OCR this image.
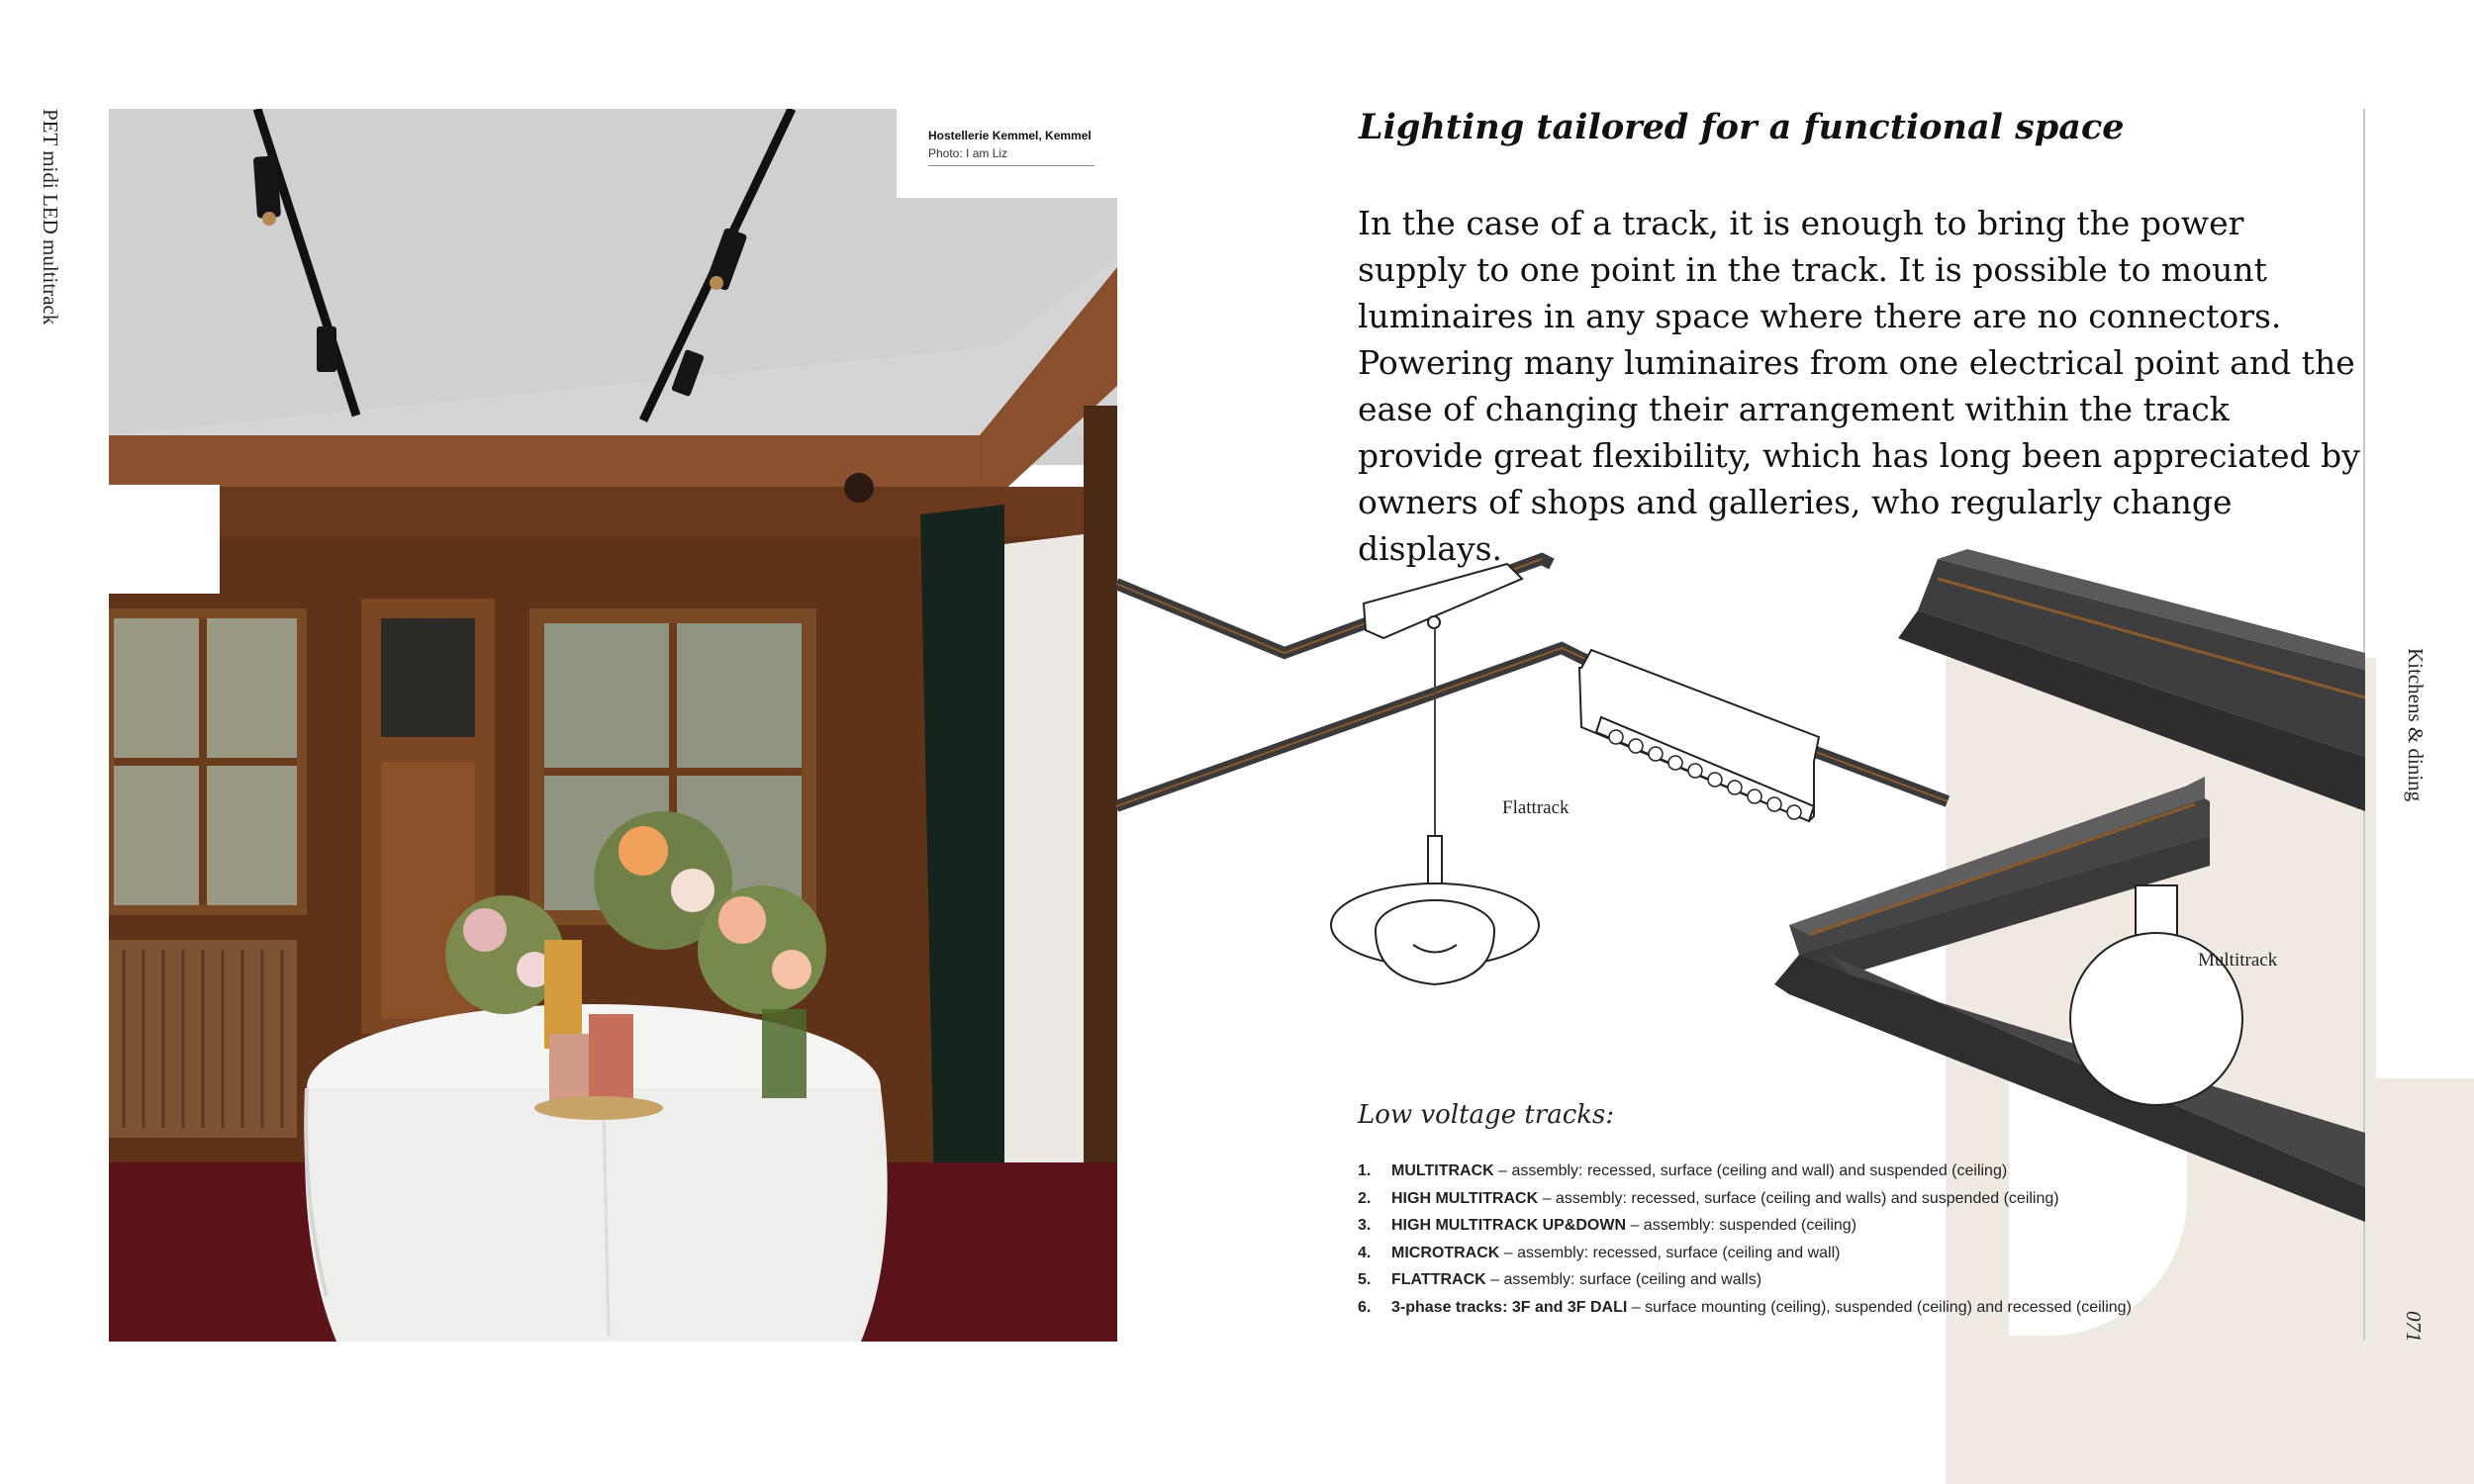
PET midi LED multitrack
Kitchens & dining
071
Hostellerie Kemmel, Kemmel
Photo: I am Liz
Lighting tailored for a functional space
In the case of a track, it is enough to bring the power supply to one point in the track. It is possible to mount luminaires in any space where there are no connectors. Powering many luminaires from one electrical point and the ease of changing their arrangement within the track provide great flexibility, which has long been appreciated by owners of shops and galleries, who regularly change displays.
Flattrack
Multitrack
Low voltage tracks:
1.	MULTITRACK – assembly: recessed, surface (ceiling and wall) and suspended (ceiling)
2.	HIGH MULTITRACK – assembly: recessed, surface (ceiling and walls) and suspended (ceiling)
3.	HIGH MULTITRACK UP&DOWN – assembly: suspended (ceiling)
4.	MICROTRACK – assembly: recessed, surface (ceiling and wall)
5.	FLATTRACK – assembly: surface (ceiling and walls)
6.	3-phase tracks: 3F and 3F DALI – surface mounting (ceiling), suspended (ceiling) and recessed (ceiling)
